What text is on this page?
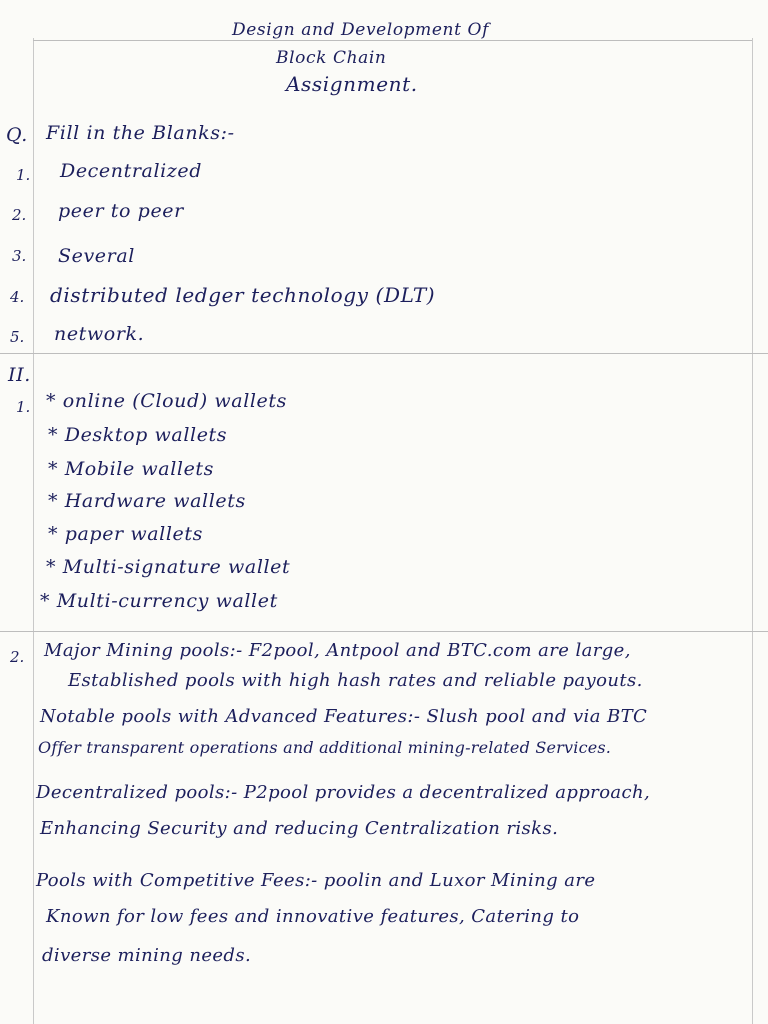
Design and Development Of
Block Chain
Assignment.
Q. Fill in the Blanks:-
1. Decentralized
2. peer to peer
3. Several
4. distributed ledger technology (DLT)
5. network.
II.
1. * online (Cloud) wallets
* Desktop wallets
* Mobile wallets
* Hardware wallets
* paper wallets
* Multi-signature wallet
* Multi-currency wallet
2. Major Mining pools:- F2pool, Antpool and BTC.com are large,
Established pools with high hash rates and reliable payouts.
Notable pools with Advanced Features:- Slush pool and via BTC
Offer transparent operations and additional mining-related Services.
Decentralized pools:- P2pool provides a decentralized approach,
Enhancing Security and reducing Centralization risks.
Pools with Competitive Fees:- poolin and Luxor Mining are
Known for low fees and innovative features, Catering to
diverse mining needs.
